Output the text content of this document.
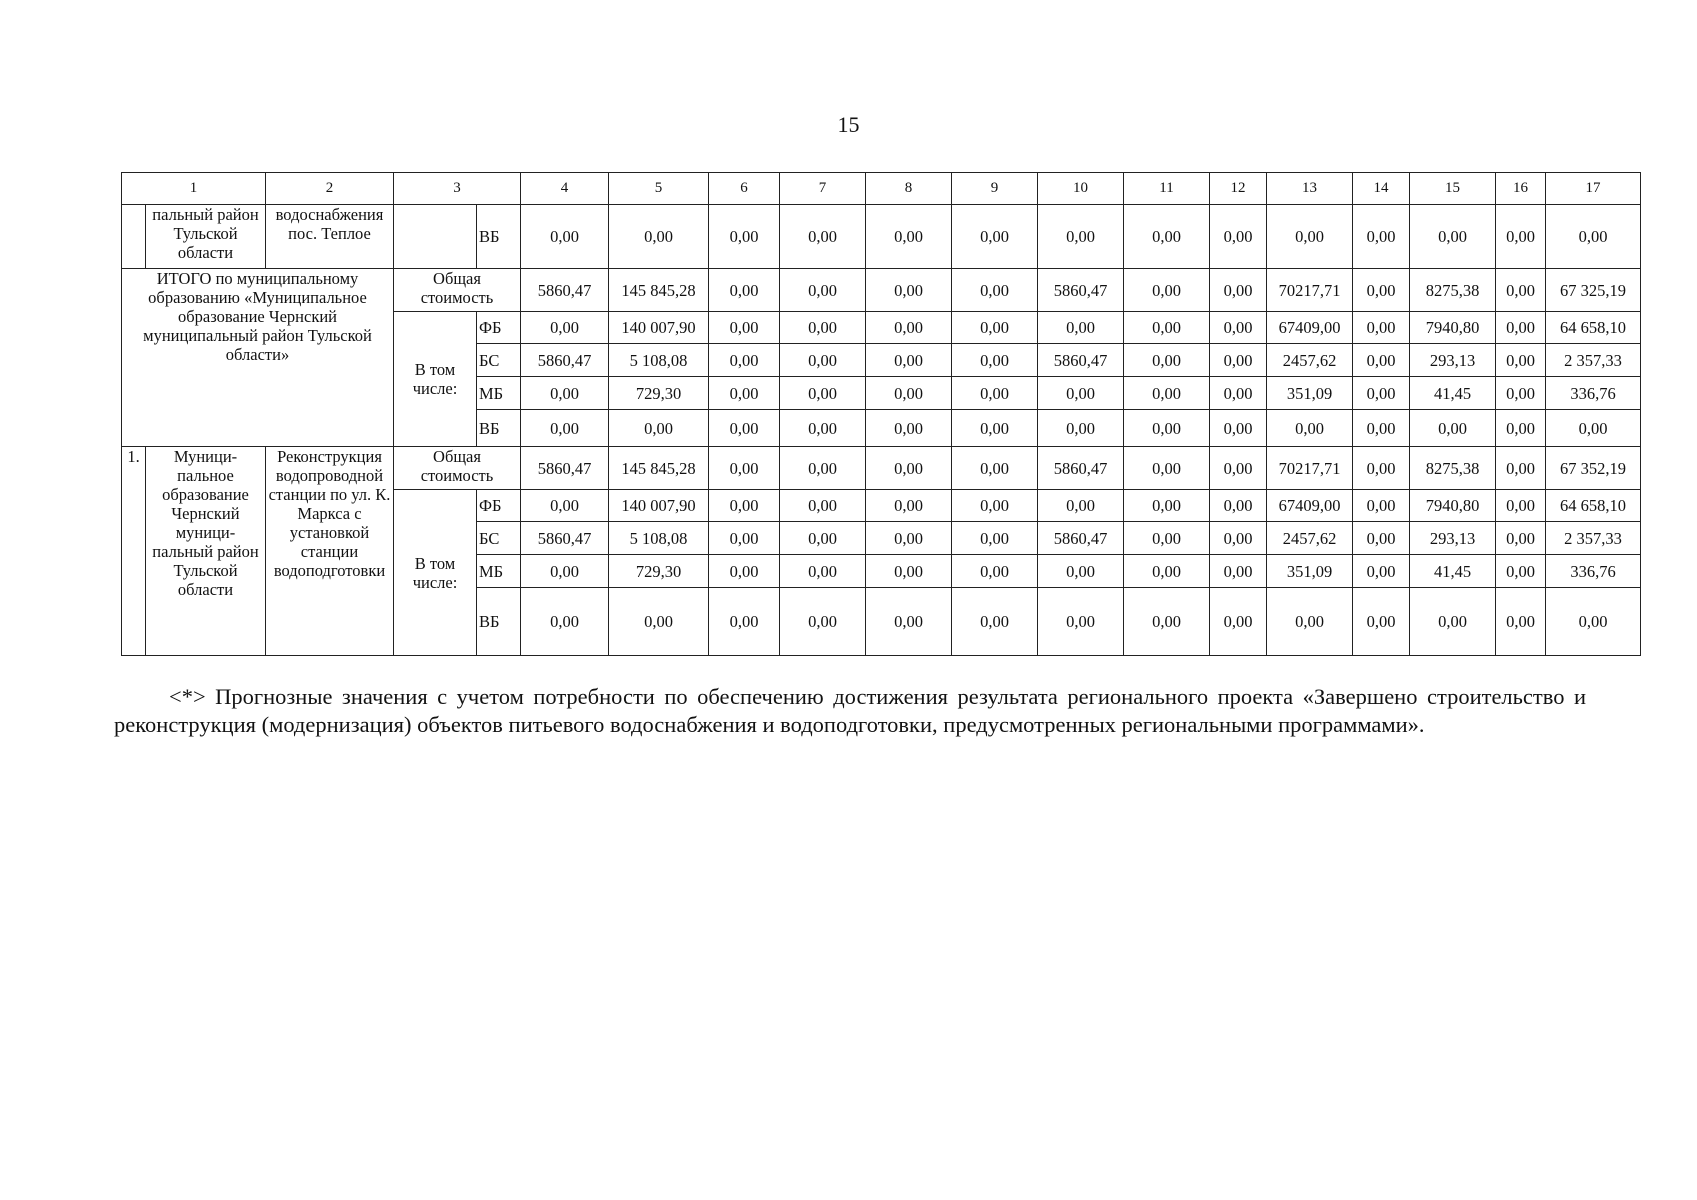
15
1		2	3		4	5	6	7	8	9	10	11	12	13	14	15	16	17
	пальный район Тульской области	водоснабжения пос. Теплое		ВБ	0,00	0,00	0,00	0,00	0,00	0,00	0,00	0,00	0,00	0,00	0,00	0,00	0,00	0,00
ИТОГО по муниципальному образованию «Муниципальное образование Чернский муниципальный район Тульской области»			Общая стоимость		5860,47	145 845,28	0,00	0,00	0,00	0,00	5860,47	0,00	0,00	70217,71	0,00	8275,38	0,00	67 325,19
			В том числе:	ФБ	0,00	140 007,90	0,00	0,00	0,00	0,00	0,00	0,00	0,00	67409,00	0,00	7940,80	0,00	64 658,10
				БС	5860,47	5 108,08	0,00	0,00	0,00	0,00	5860,47	0,00	0,00	2457,62	0,00	293,13	0,00	2 357,33
				МБ	0,00	729,30	0,00	0,00	0,00	0,00	0,00	0,00	0,00	351,09	0,00	41,45	0,00	336,76
				ВБ	0,00	0,00	0,00	0,00	0,00	0,00	0,00	0,00	0,00	0,00	0,00	0,00	0,00	0,00
1.	Муници-пальное образование Чернский муници-пальный район Тульской области	Реконструкция водопроводной станции по ул. К. Маркса с установкой станции водоподготовки	Общая стоимость		5860,47	145 845,28	0,00	0,00	0,00	0,00	5860,47	0,00	0,00	70217,71	0,00	8275,38	0,00	67 352,19
			В том числе:	ФБ	0,00	140 007,90	0,00	0,00	0,00	0,00	0,00	0,00	0,00	67409,00	0,00	7940,80	0,00	64 658,10
				БС	5860,47	5 108,08	0,00	0,00	0,00	0,00	5860,47	0,00	0,00	2457,62	0,00	293,13	0,00	2 357,33
				МБ	0,00	729,30	0,00	0,00	0,00	0,00	0,00	0,00	0,00	351,09	0,00	41,45	0,00	336,76
				ВБ	0,00	0,00	0,00	0,00	0,00	0,00	0,00	0,00	0,00	0,00	0,00	0,00	0,00	0,00

<*> Прогнозные значения с учетом потребности по обеспечению достижения результата регионального проекта «Завершено строительство и реконструкция (модернизация) объектов питьевого водоснабжения и водоподготовки, предусмотренных региональными программами».
